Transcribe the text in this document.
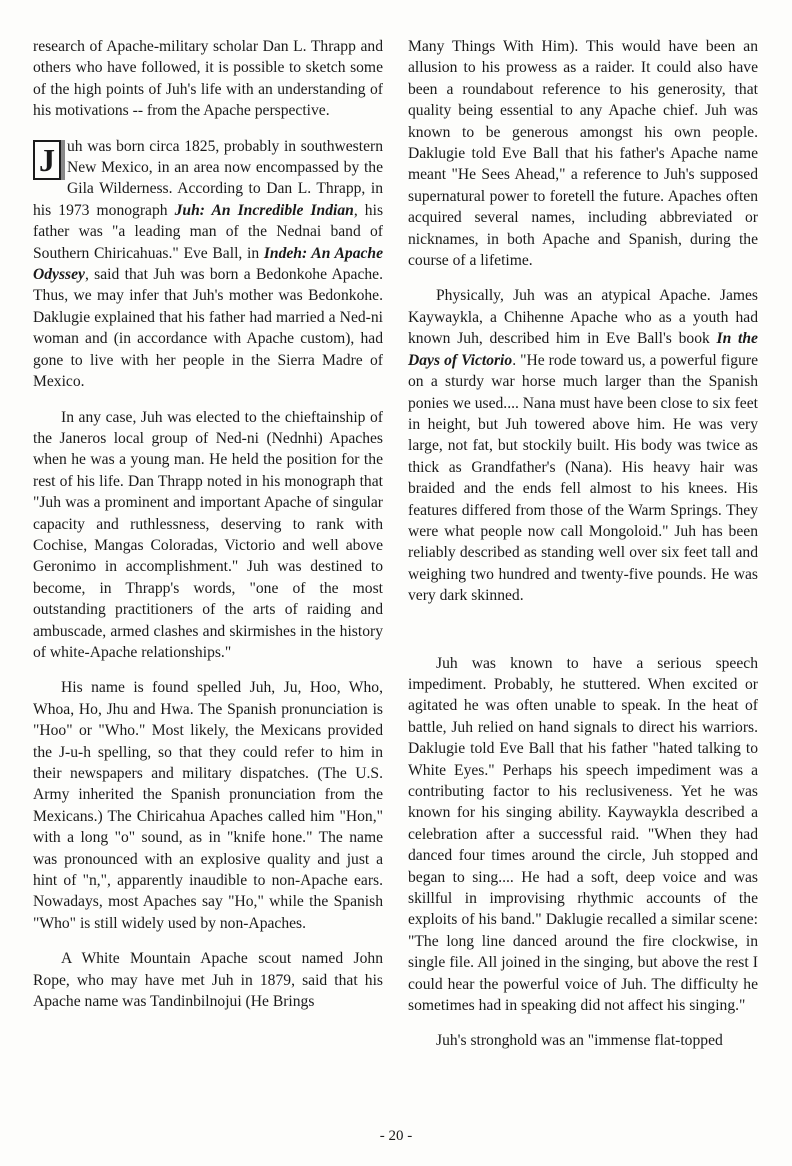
research of Apache-military scholar Dan L. Thrapp and others who have followed, it is possible to sketch some of the high points of Juh's life with an understanding of his motivations -- from the Apache perspective.

J uh was born circa 1825, probably in southwestern New Mexico, in an area now encompassed by the Gila Wilderness. According to Dan L. Thrapp, in his 1973 monograph Juh: An Incredible Indian, his father was "a leading man of the Nednai band of Southern Chiricahuas." Eve Ball, in Indeh: An Apache Odyssey, said that Juh was born a Bedonkohe Apache. Thus, we may infer that Juh's mother was Bedonkohe. Daklugie explained that his father had married a Ned-ni woman and (in accordance with Apache custom), had gone to live with her people in the Sierra Madre of Mexico.

In any case, Juh was elected to the chieftainship of the Janeros local group of Ned-ni (Nednhi) Apaches when he was a young man. He held the position for the rest of his life. Dan Thrapp noted in his monograph that "Juh was a prominent and important Apache of singular capacity and ruthlessness, deserving to rank with Cochise, Mangas Coloradas, Victorio and well above Geronimo in accomplishment." Juh was destined to become, in Thrapp's words, "one of the most outstanding practitioners of the arts of raiding and ambuscade, armed clashes and skirmishes in the history of white-Apache relationships."

His name is found spelled Juh, Ju, Hoo, Who, Whoa, Ho, Jhu and Hwa. The Spanish pronunciation is "Hoo" or "Who." Most likely, the Mexicans provided the J-u-h spelling, so that they could refer to him in their newspapers and military dispatches. (The U.S. Army inherited the Spanish pronunciation from the Mexicans.) The Chiricahua Apaches called him "Hon," with a long "o" sound, as in "knife hone." The name was pronounced with an explosive quality and just a hint of "n,", apparently inaudible to non-Apache ears. Nowadays, most Apaches say "Ho," while the Spanish "Who" is still widely used by non-Apaches.

A White Mountain Apache scout named John Rope, who may have met Juh in 1879, said that his Apache name was Tandinbilnojui (He Brings

Many Things With Him). This would have been an allusion to his prowess as a raider. It could also have been a roundabout reference to his generosity, that quality being essential to any Apache chief. Juh was known to be generous amongst his own people. Daklugie told Eve Ball that his father's Apache name meant "He Sees Ahead," a reference to Juh's supposed supernatural power to foretell the future. Apaches often acquired several names, including abbreviated or nicknames, in both Apache and Spanish, during the course of a lifetime.

Physically, Juh was an atypical Apache. James Kaywaykla, a Chihenne Apache who as a youth had known Juh, described him in Eve Ball's book In the Days of Victorio. "He rode toward us, a powerful figure on a sturdy war horse much larger than the Spanish ponies we used.... Nana must have been close to six feet in height, but Juh towered above him. He was very large, not fat, but stockily built. His body was twice as thick as Grandfather's (Nana). His heavy hair was braided and the ends fell almost to his knees. His features differed from those of the Warm Springs. They were what people now call Mongoloid." Juh has been reliably described as standing well over six feet tall and weighing two hundred and twenty-five pounds. He was very dark skinned.

Juh was known to have a serious speech impediment. Probably, he stuttered. When excited or agitated he was often unable to speak. In the heat of battle, Juh relied on hand signals to direct his warriors. Daklugie told Eve Ball that his father "hated talking to White Eyes." Perhaps his speech impediment was a contributing factor to his reclusiveness. Yet he was known for his singing ability. Kaywaykla described a celebration after a successful raid. "When they had danced four times around the circle, Juh stopped and began to sing.... He had a soft, deep voice and was skillful in improvising rhythmic accounts of the exploits of his band." Daklugie recalled a similar scene: "The long line danced around the fire clockwise, in single file. All joined in the singing, but above the rest I could hear the powerful voice of Juh. The difficulty he sometimes had in speaking did not affect his singing."

Juh's stronghold was an "immense flat-topped

- 20 -
